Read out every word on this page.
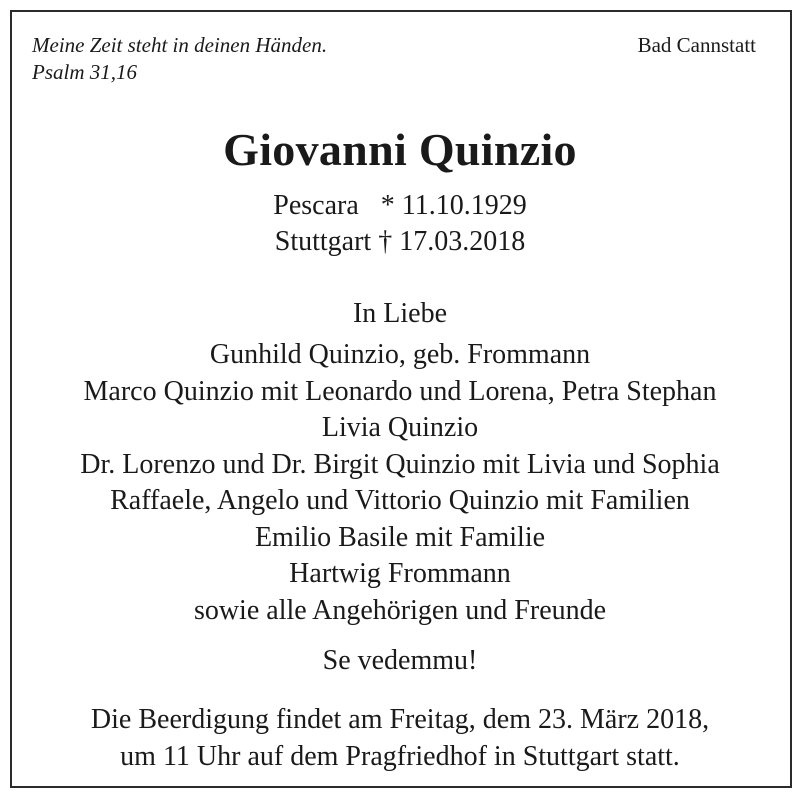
Meine Zeit steht in deinen Händen.
Psalm 31,16
Bad Cannstatt
Giovanni Quinzio
Pescara * 11.10.1929
Stuttgart † 17.03.2018
In Liebe
Gunhild Quinzio, geb. Frommann
Marco Quinzio mit Leonardo und Lorena, Petra Stephan
Livia Quinzio
Dr. Lorenzo und Dr. Birgit Quinzio mit Livia und Sophia
Raffaele, Angelo und Vittorio Quinzio mit Familien
Emilio Basile mit Familie
Hartwig Frommann
sowie alle Angehörigen und Freunde
Se vedemmu!
Die Beerdigung findet am Freitag, dem 23. März 2018,
um 11 Uhr auf dem Pragfriedhof in Stuttgart statt.
